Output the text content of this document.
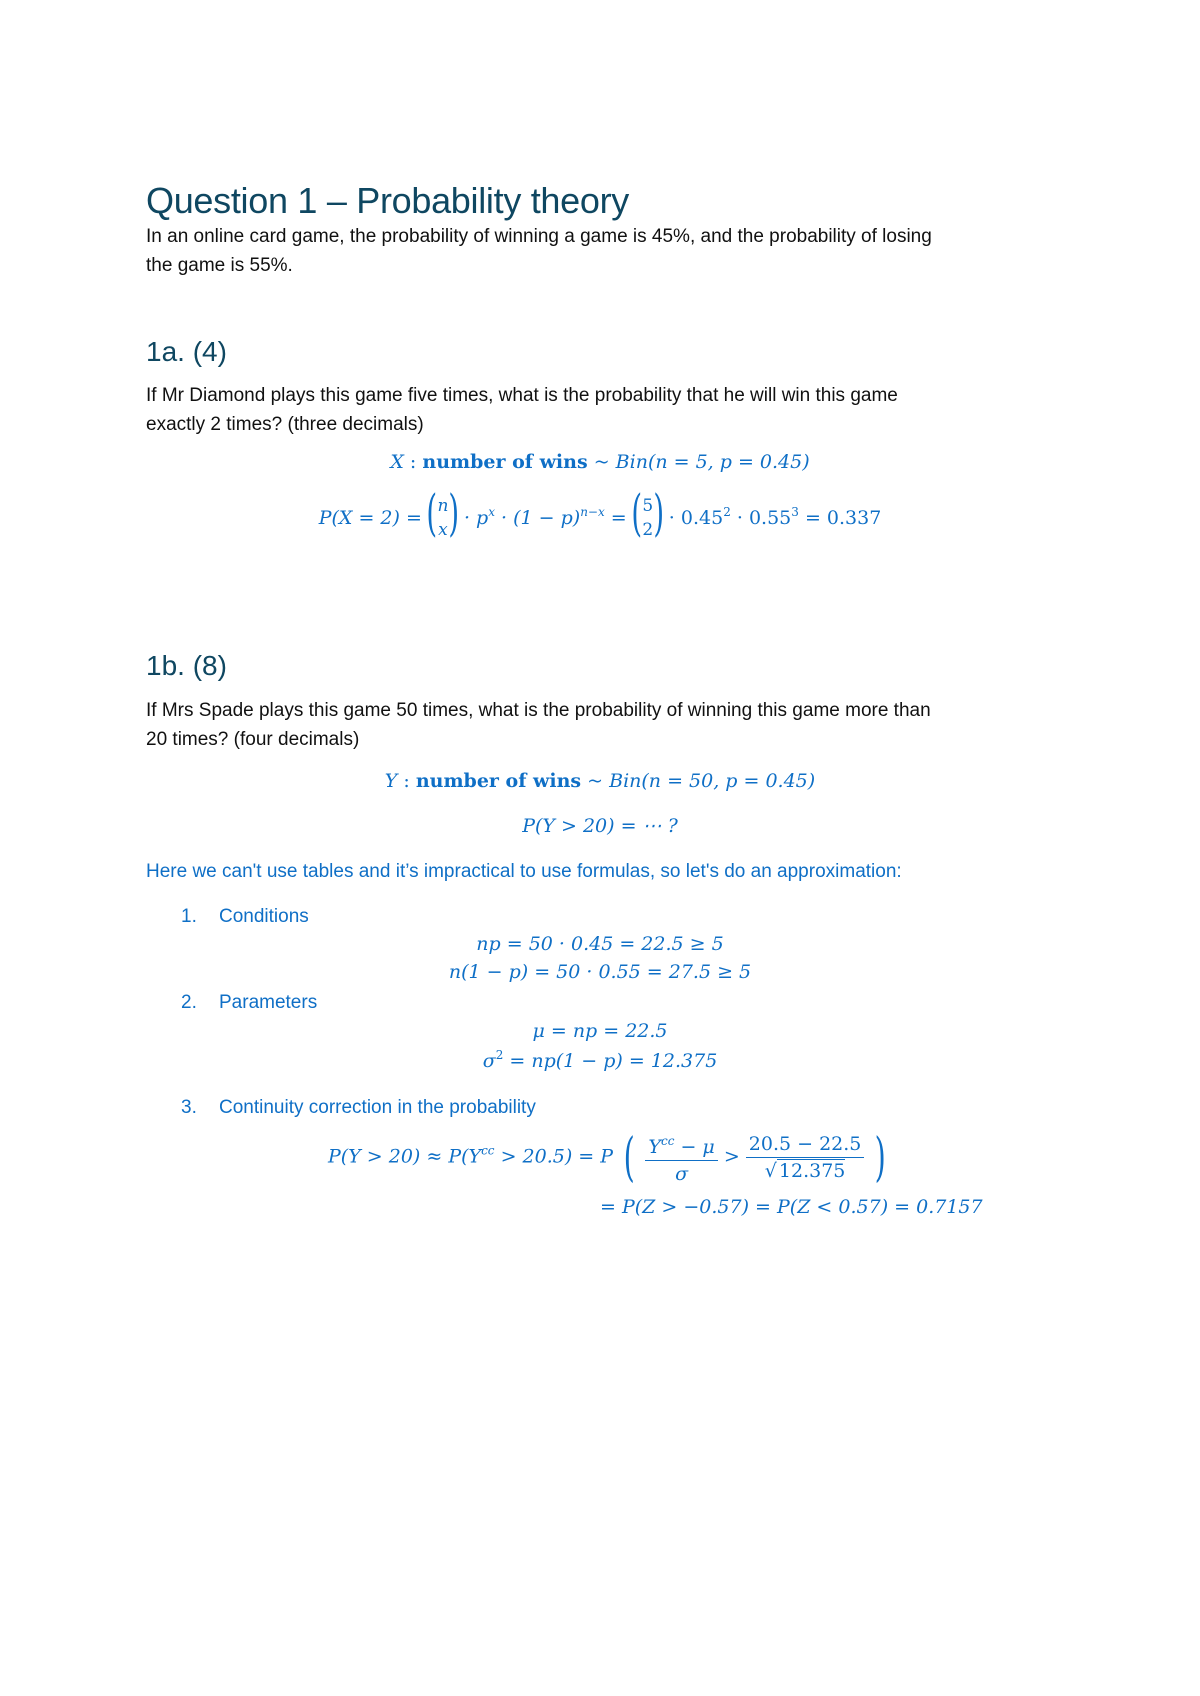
Question 1 – Probability theory
In an online card game, the probability of winning a game is 45%, and the probability of losing
the game is 55%.
1a. (4)
If Mr Diamond plays this game five times, what is the probability that he will win this game
exactly 2 times? (three decimals)
X : number of wins ~ Bin(n = 5, p = 0.45)
P(X = 2) =
( n
x )
· $p^x \cdot (1 - p)^{n-x}$ =
( 5
2 )
· $0.45^2 \cdot 0.55^3 = 0.337$
1b. (8)
If Mrs Spade plays this game 50 times, what is the probability of winning this game more than
20 times? (four decimals)
Y : number of wins ~ Bin(n = 50, p = 0.45)
P(Y > 20) = ⋯ ?
Here we can't use tables and it’s impractical to use formulas, so let's do an approximation:
1. Conditions
np = 50 · 0.45 = 22.5 ≥ 5
n(1 − p) = 50 · 0.55 = 27.5 ≥ 5
2. Parameters
μ = np = 22.5
$\sigma^2 = np(1 - p) = 12.375$
3. Continuity correction in the probability
$P(Y > 20) \approx P(Y^{cc} > 20.5) = P$ ( $\frac{Y^{cc} - \mu}{\sigma} > \frac{20.5 - 22.5}{√ 12.375}$ )
= P(Z > −0.57) = P(Z < 0.57) = 0.7157
